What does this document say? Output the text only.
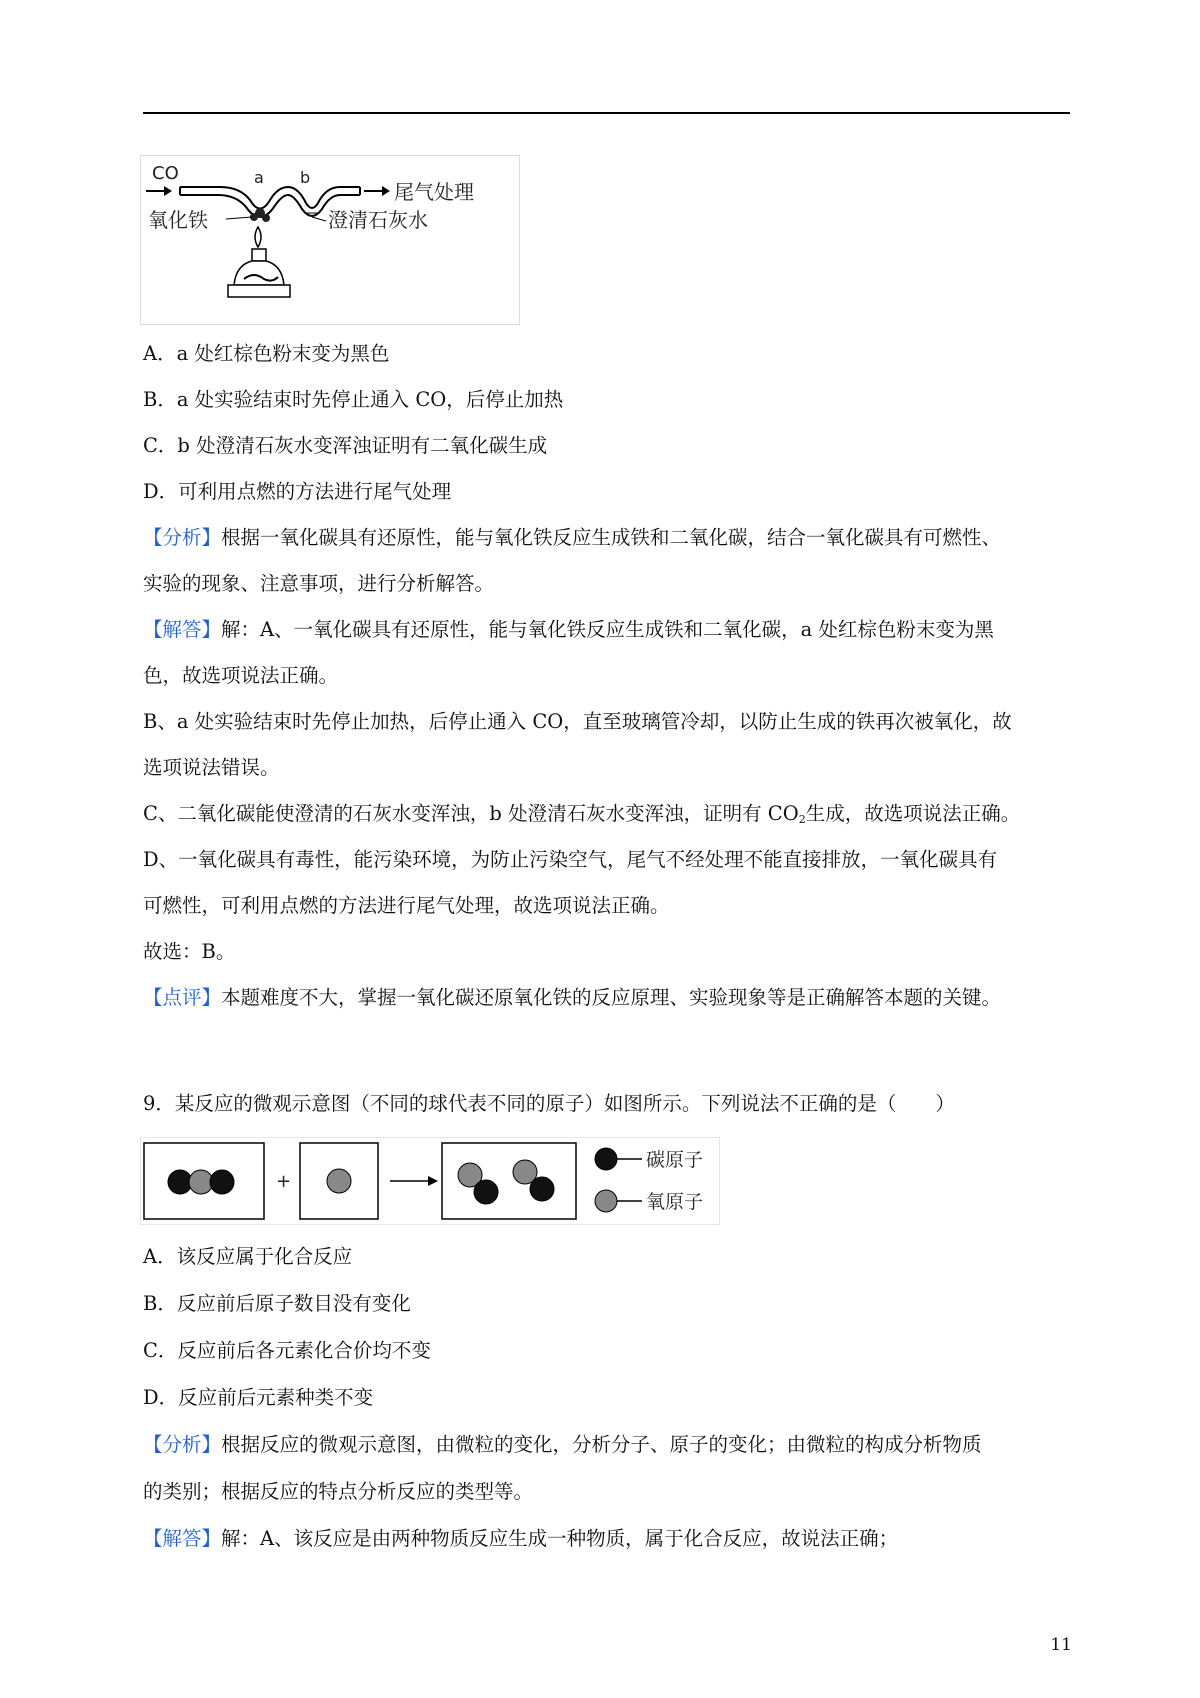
CO	a b
尾气处理
氧化铁	澄清石灰水
A．a 处红棕色粉末变为黑色
B．a 处实验结束时先停止通入 CO，后停止加热
C．b 处澄清石灰水变浑浊证明有二氧化碳生成
D．可利用点燃的方法进行尾气处理
【分析】根据一氧化碳具有还原性，能与氧化铁反应生成铁和二氧化碳，结合一氧化碳具有可燃性、
实验的现象、注意事项，进行分析解答。
【解答】解：A、一氧化碳具有还原性，能与氧化铁反应生成铁和二氧化碳，a 处红棕色粉末变为黑
色，故选项说法正确。
B、a 处实验结束时先停止加热，后停止通入 CO，直至玻璃管冷却，以防止生成的铁再次被氧化，故
选项说法错误。
C、二氧化碳能使澄清的石灰水变浑浊，b 处澄清石灰水变浑浊，证明有 $CO_2$生成，故选项说法正确。
D、一氧化碳具有毒性，能污染环境，为防止污染空气，尾气不经处理不能直接排放，一氧化碳具有
可燃性，可利用点燃的方法进行尾气处理，故选项说法正确。
故选：B。
【点评】本题难度不大，掌握一氧化碳还原氧化铁的反应原理、实验现象等是正确解答本题的关键。
9．某反应的微观示意图（不同的球代表不同的原子）如图所示。下列说法不正确的是（　　）
+
碳原子
氧原子
A．该反应属于化合反应
B．反应前后原子数目没有变化
C．反应前后各元素化合价均不变
D．反应前后元素种类不变
【分析】根据反应的微观示意图，由微粒的变化，分析分子、原子的变化；由微粒的构成分析物质
的类别；根据反应的特点分析反应的类型等。
【解答】解：A、该反应是由两种物质反应生成一种物质，属于化合反应，故说法正确；
11
